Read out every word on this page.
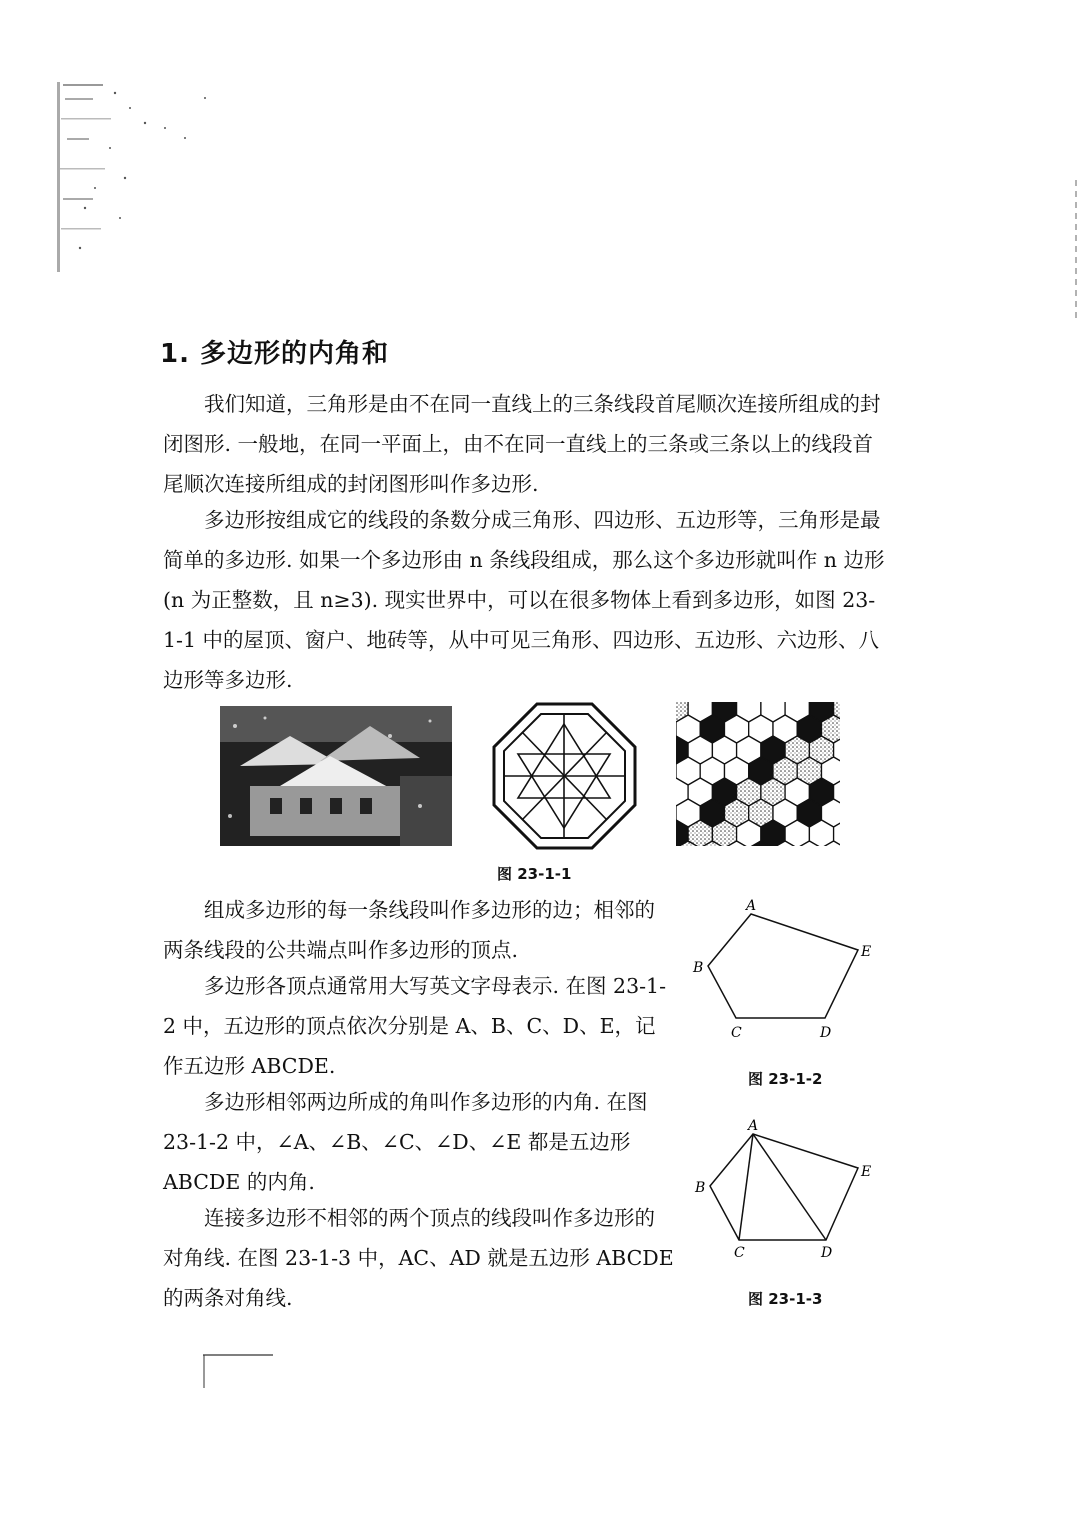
1. 多边形的内角和

我们知道，三角形是由不在同一直线上的三条线段首尾顺次连接所组成的封闭图形. 一般地，在同一平面上，由不在同一直线上的三条或三条以上的线段首尾顺次连接所组成的封闭图形叫作多边形.

多边形按组成它的线段的条数分成三角形、四边形、五边形等，三角形是最简单的多边形. 如果一个多边形由 n 条线段组成，那么这个多边形就叫作 n 边形(n 为正整数，且 n≥3). 现实世界中，可以在很多物体上看到多边形，如图 23-1-1 中的屋顶、窗户、地砖等，从中可见三角形、四边形、五边形、六边形、八边形等多边形.

图 23-1-1

组成多边形的每一条线段叫作多边形的边；相邻的两条线段的公共端点叫作多边形的顶点.

多边形各顶点通常用大写英文字母表示. 在图 23-1-2 中，五边形的顶点依次分别是 A、B、C、D、E，记作五边形 ABCDE.

多边形相邻两边所成的角叫作多边形的内角. 在图 23-1-2 中，∠A、∠B、∠C、∠D、∠E 都是五边形 ABCDE 的内角.

连接多边形不相邻的两个顶点的线段叫作多边形的对角线. 在图 23-1-3 中，AC、AD 就是五边形 ABCDE 的两条对角线.

A
B
C	D
E
图 23-1-2
A
B
C	D
E
图 23-1-3
